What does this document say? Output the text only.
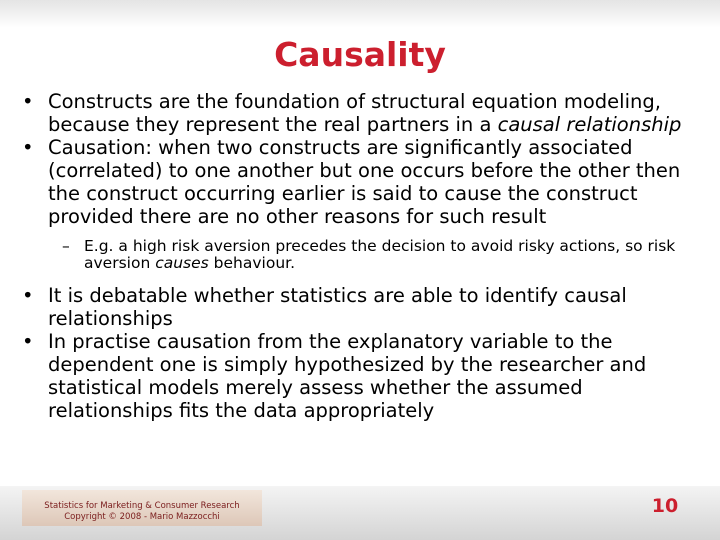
Causality

• Constructs are the foundation of structural equation modeling, because they represent the real partners in a causal relationship

• Causation: when two constructs are significantly associated (correlated) to one another but one occurs before the other then the construct occurring earlier is said to cause the construct provided there are no other reasons for such result

– E.g. a high risk aversion precedes the decision to avoid risky actions, so risk aversion causes behaviour.

• It is debatable whether statistics are able to identify causal relationships

• In practise causation from the explanatory variable to the dependent one is simply hypothesized by the researcher and statistical models merely assess whether the assumed relationships fits the data appropriately

Statistics for Marketing & Consumer Research
Copyright © 2008 - Mario Mazzocchi	10
